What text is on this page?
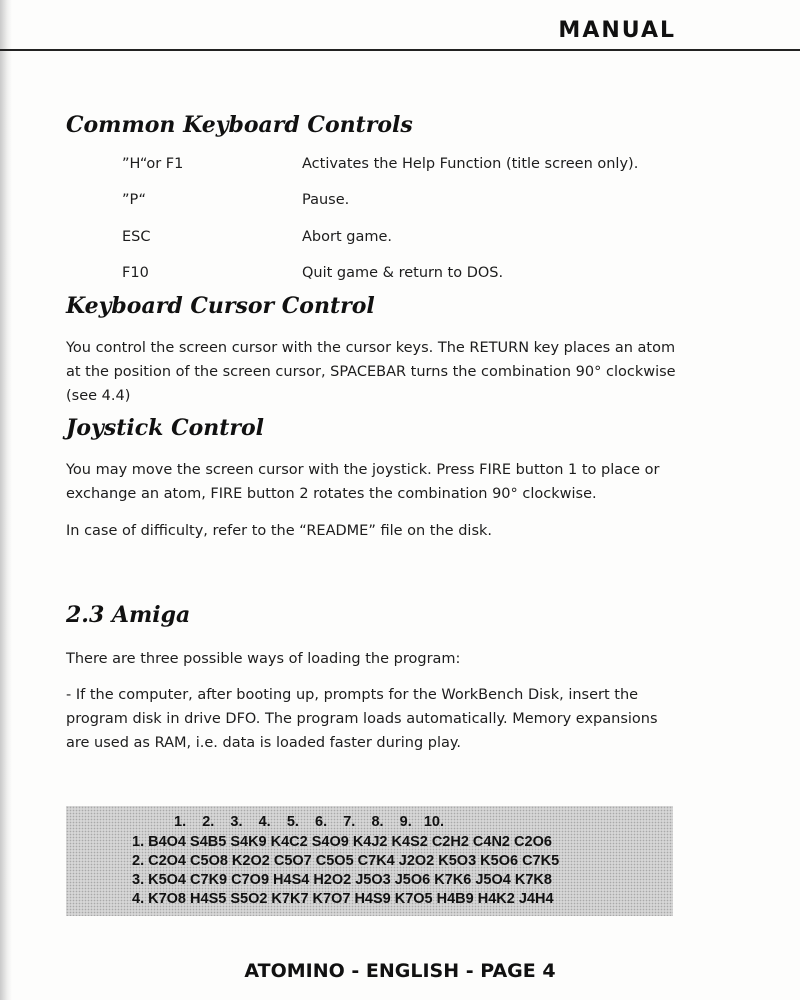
MANUAL
Common Keyboard Controls
”H“or F1	Activates the Help Function (title screen only).
”P“	Pause.
ESC	Abort game.
F10	Quit game & return to DOS.
Keyboard Cursor Control

You control the screen cursor with the cursor keys. The RETURN key places an atom

at the position of the screen cursor, SPACEBAR turns the combination 90° clockwise

(see 4.4)

Joystick Control

You may move the screen cursor with the joystick. Press FIRE button 1 to place or

exchange an atom, FIRE button 2 rotates the combination 90° clockwise.

In case of difficulty, refer to the “README” file on the disk.

2.3 Amiga

There are three possible ways of loading the program:

- If the computer, after booting up, prompts for the WorkBench Disk, insert the

program disk in drive DFO. The program loads automatically. Memory expansions

are used as RAM, i.e. data is loaded faster during play.

1.    2.    3.    4.    5.    6.    7.    8.    9.   10.
1. B4O4 S4B5 S4K9 K4C2 S4O9 K4J2 K4S2 C2H2 C4N2 C2O6
2. C2O4 C5O8 K2O2 C5O7 C5O5 C7K4 J2O2 K5O3 K5O6 C7K5
3. K5O4 C7K9 C7O9 H4S4 H2O2 J5O3 J5O6 K7K6 J5O4 K7K8
4. K7O8 H4S5 S5O2 K7K7 K7O7 H4S9 K7O5 H4B9 H4K2 J4H4
ATOMINO - ENGLISH - PAGE 4
